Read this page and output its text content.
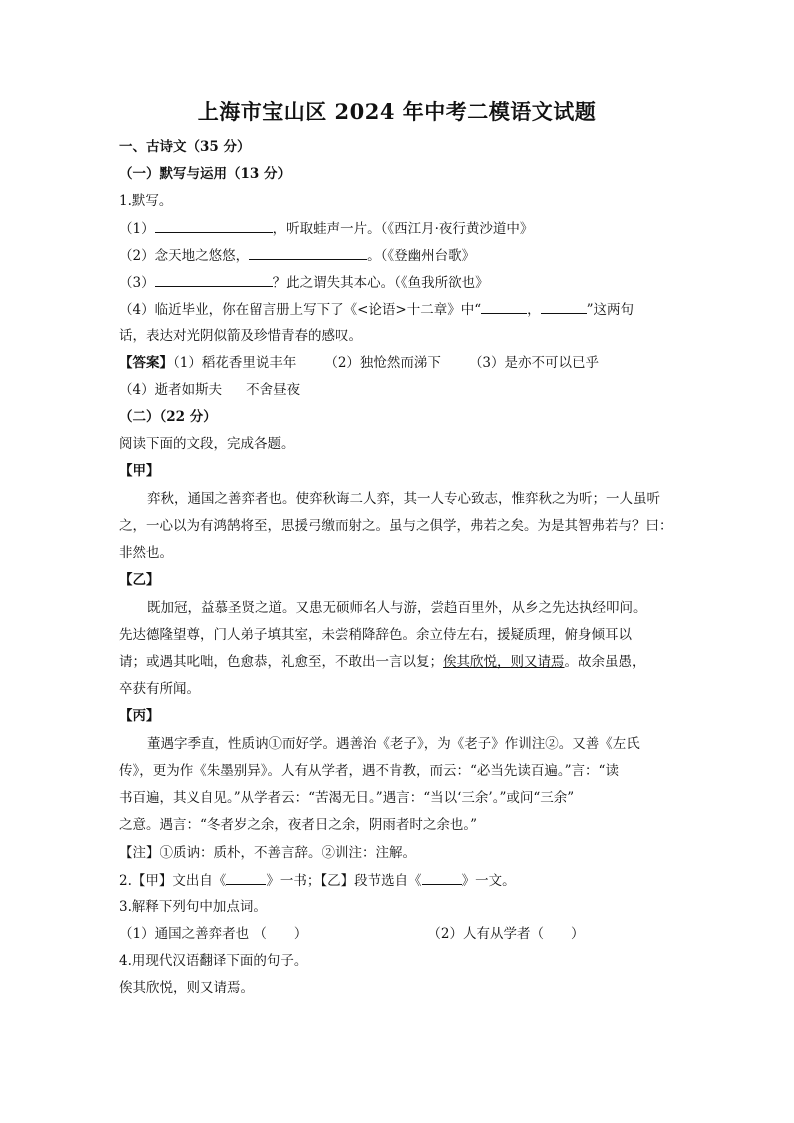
上海市宝山区 2024 年中考二模语文试题
一、古诗文（35 分）
（一）默写与运用（13 分）
1.默写。
（1）	，听取蛙声一片。（《西江月·夜行黄沙道中》
（2）念天地之悠悠，	。（《登幽州台歌》
（3）	？此之谓失其本心。（《鱼我所欲也》
（4）临近毕业，你在留言册上写下了《<论语>十二章》中“	，	”这两句
话，表达对光阴似箭及珍惜青春的感叹。
【答案】（1）稻花香里说丰年 （2）独怆然而涕下 （3）是亦不可以已乎
（4）逝者如斯夫 不舍昼夜
（二）（22 分）
阅读下面的文段，完成各题。
【甲】
弈秋，通国之善弈者也。使弈秋诲二人弈，其一人专心致志，惟弈秋之为听；一人虽听
之，一心以为有鸿鹄将至，思援弓缴而射之。虽与之俱学，弗若之矣。为是其智弗若与？曰：
非然也。
【乙】
既加冠，益慕圣贤之道。又患无硕师名人与游，尝趋百里外，从乡之先达执经叩问。
先达德隆望尊，门人弟子填其室，未尝稍降辞色。余立侍左右，援疑质理，俯身倾耳以
请；或遇其叱咄，色愈恭，礼愈至，不敢出一言以复；俟其欣悦，则又请焉。故余虽愚，
卒获有所闻。
【丙】
董遇字季直，性质讷①而好学。遇善治《老子》，为《老子》作训注②。又善《左氏
传》，更为作《朱墨别异》。人有从学者，遇不肯教，而云：“必当先读百遍。”言：“读
书百遍，其义自见。”从学者云：“苦渴无日。”遇言：“当以‘三余’。”或问“三余”
之意。遇言：“冬者岁之余，夜者日之余，阴雨者时之余也。”
【注】①质讷：质朴，不善言辞。②训注：注解。
2.【甲】文出自《	》一书；【乙】段节选自《	》一文。
3.解释下列句中加点词。
（1）通国之善弈者也 （　　）	（2）人有从学者（　　）
4.用现代汉语翻译下面的句子。
俟其欣悦，则又请焉。
